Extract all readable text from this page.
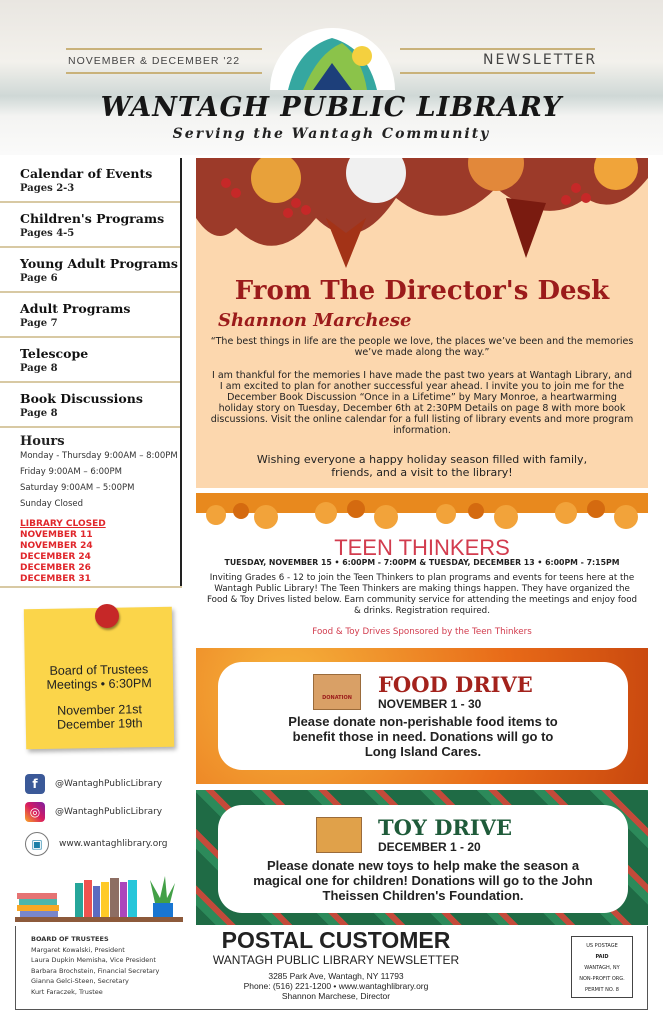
NOVEMBER & DECEMBER '22	NEWSLETTER
WANTAGH PUBLIC LIBRARY
Serving the Wantagh Community
Calendar of Events
Pages 2-3
Children's Programs
Pages 4-5
Young Adult Programs
Page 6
Adult Programs
Page 7
Telescope
Page 8
Book Discussions
Page 8
Hours
Monday - Thursday 9:00AM – 8:00PM
Friday 9:00AM – 6:00PM
Saturday 9:00AM – 5:00PM
Sunday Closed
LIBRARY CLOSED
NOVEMBER 11
NOVEMBER 24
DECEMBER 24
DECEMBER 26
DECEMBER 31
Board of Trustees
Meetings • 6:30PM
November 21st
December 19th
f	@WantaghPublicLibrary
◎	@WantaghPublicLibrary
▣	www.wantaghlibrary.org
From The Director's Desk
Shannon Marchese
“The best things in life are the people we love, the places we’ve been and the memories we’ve made along the way.”
I am thankful for the memories I have made the past two years at Wantagh Library, and I am excited to plan for another successful year ahead. I invite you to join me for the December Book Discussion “Once in a Lifetime” by Mary Monroe, a heartwarming holiday story on Tuesday, December 6th at 2:30PM Details on page 8 with more book discussions. Visit the online calendar for a full listing of library events and more program information.
Wishing everyone a happy holiday season filled with family, friends, and a visit to the library!
TEEN THINKERS
TUESDAY, NOVEMBER 15 • 6:00PM - 7:00PM & TUESDAY, DECEMBER 13 • 6:00PM - 7:15PM
Inviting Grades 6 - 12 to join the Teen Thinkers to plan programs and events for teens here at the Wantagh Public Library! The Teen Thinkers are making things happen. They have organized the Food & Toy Drives listed below. Earn community service for attending the meetings and enjoy food & drinks. Registration required.
Food & Toy Drives Sponsored by the Teen Thinkers
DONATION
FOOD DRIVE
NOVEMBER 1 - 30
Please donate non-perishable food items to benefit those in need. Donations will go to Long Island Cares.
TOY DRIVE
DECEMBER 1 - 20
Please donate new toys to help make the season a magical one for children! Donations will go to the John Theissen Children's Foundation.
BOARD OF TRUSTEES
Margaret Kowalski, President
Laura Dupkin Memisha, Vice President
Barbara Brochstein, Financial Secretary
Gianna Gelci-Steen, Secretary
Kurt Faraczek, Trustee
POSTAL CUSTOMER
WANTAGH PUBLIC LIBRARY NEWSLETTER
3285 Park Ave, Wantagh, NY 11793
Phone: (516) 221-1200 • www.wantaghlibrary.org
Shannon Marchese, Director
US POSTAGE
PAID
WANTAGH, NY
NON-PROFIT ORG.
PERMIT NO. 8
